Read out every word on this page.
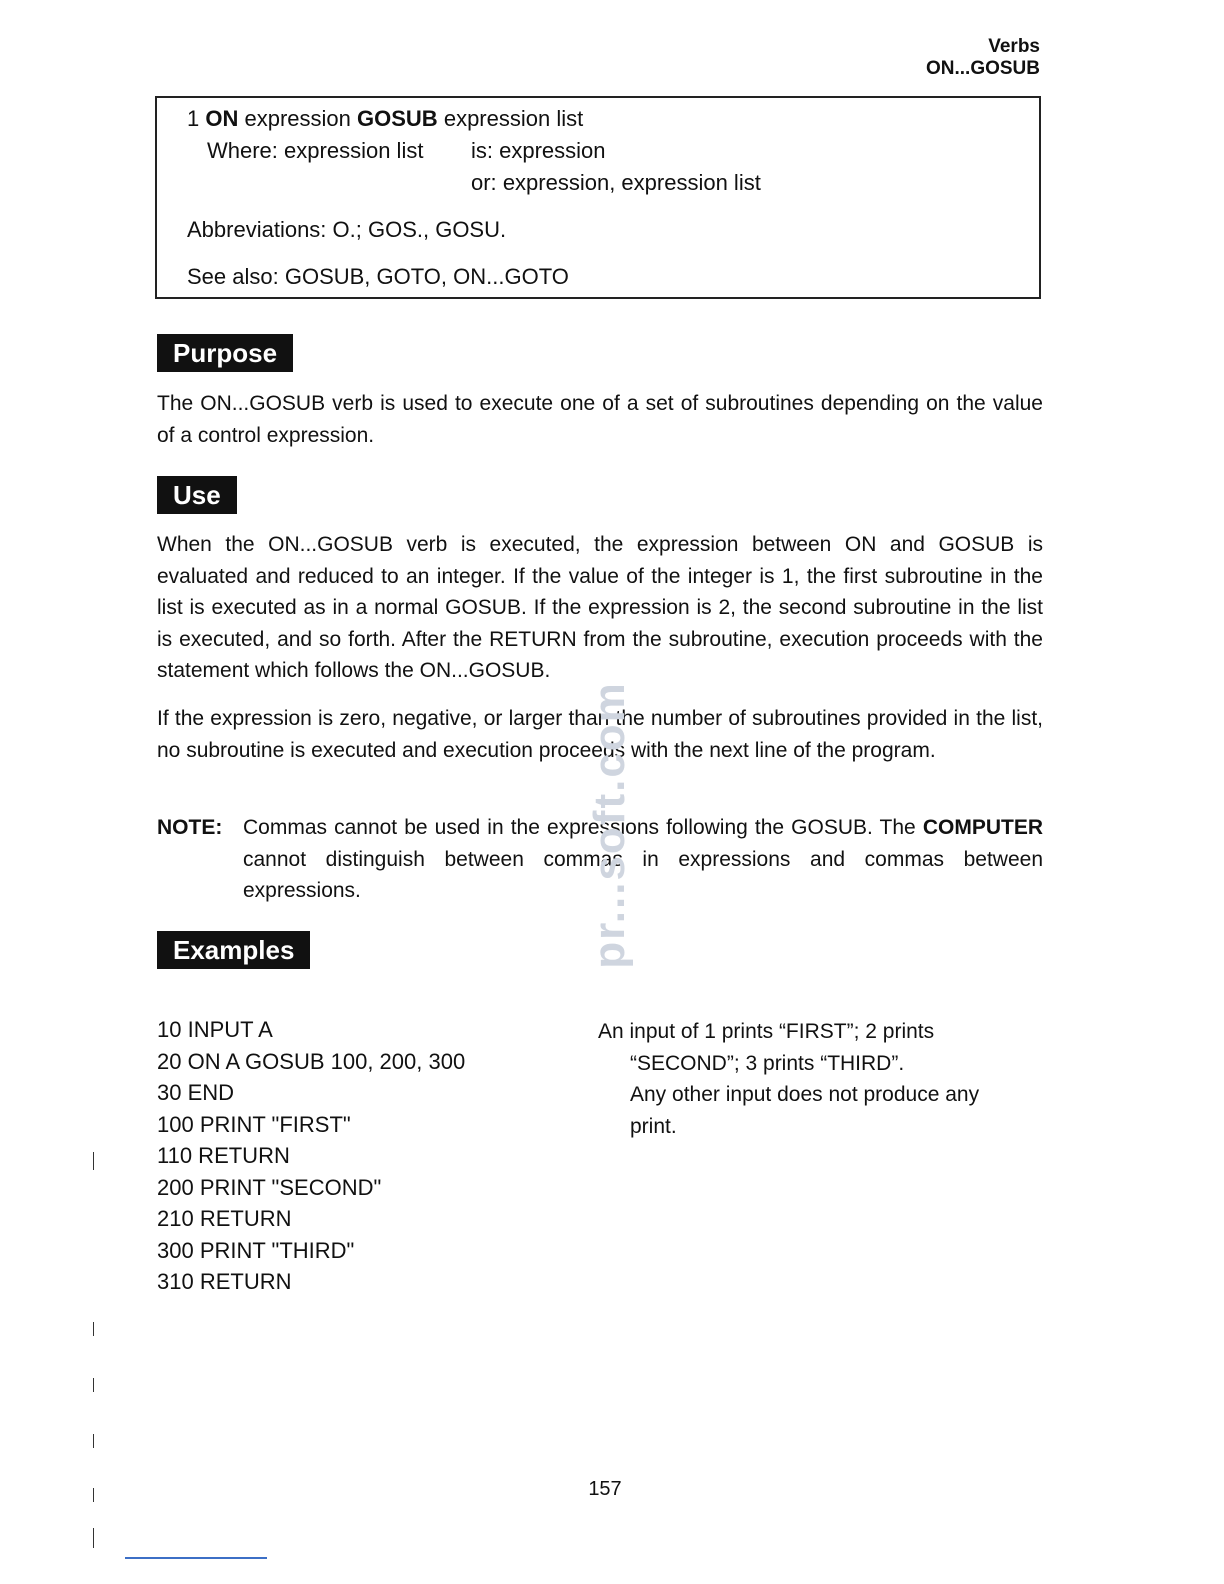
Verbs
ON...GOSUB
1 ON expression GOSUB expression list
Where: expression list is: expression
or: expression, expression list
Abbreviations: O.; GOS., GOSU.
See also: GOSUB, GOTO, ON...GOTO
Purpose
The ON...GOSUB verb is used to execute one of a set of subroutines depending on the value of a control expression.
Use
When the ON...GOSUB verb is executed, the expression between ON and GOSUB is evaluated and reduced to an integer. If the value of the integer is 1, the first subroutine in the list is executed as in a normal GOSUB. If the expression is 2, the second subroutine in the list is executed, and so forth. After the RETURN from the subroutine, execution proceeds with the statement which follows the ON...GOSUB.
If the expression is zero, negative, or larger than the number of subroutines provided in the list, no subroutine is executed and execution proceeds with the next line of the program.
NOTE: Commas cannot be used in the expressions following the GOSUB. The COMPUTER cannot distinguish between commas in expressions and commas between expressions.	pr...soft.com
Examples
10 INPUT A
20 ON A GOSUB 100, 200, 300
30 END
100 PRINT "FIRST"
110 RETURN
200 PRINT "SECOND"
210 RETURN
300 PRINT "THIRD"
310 RETURN
An input of 1 prints “FIRST”; 2 prints
“SECOND”; 3 prints “THIRD”.
Any other input does not produce any
print.
157
